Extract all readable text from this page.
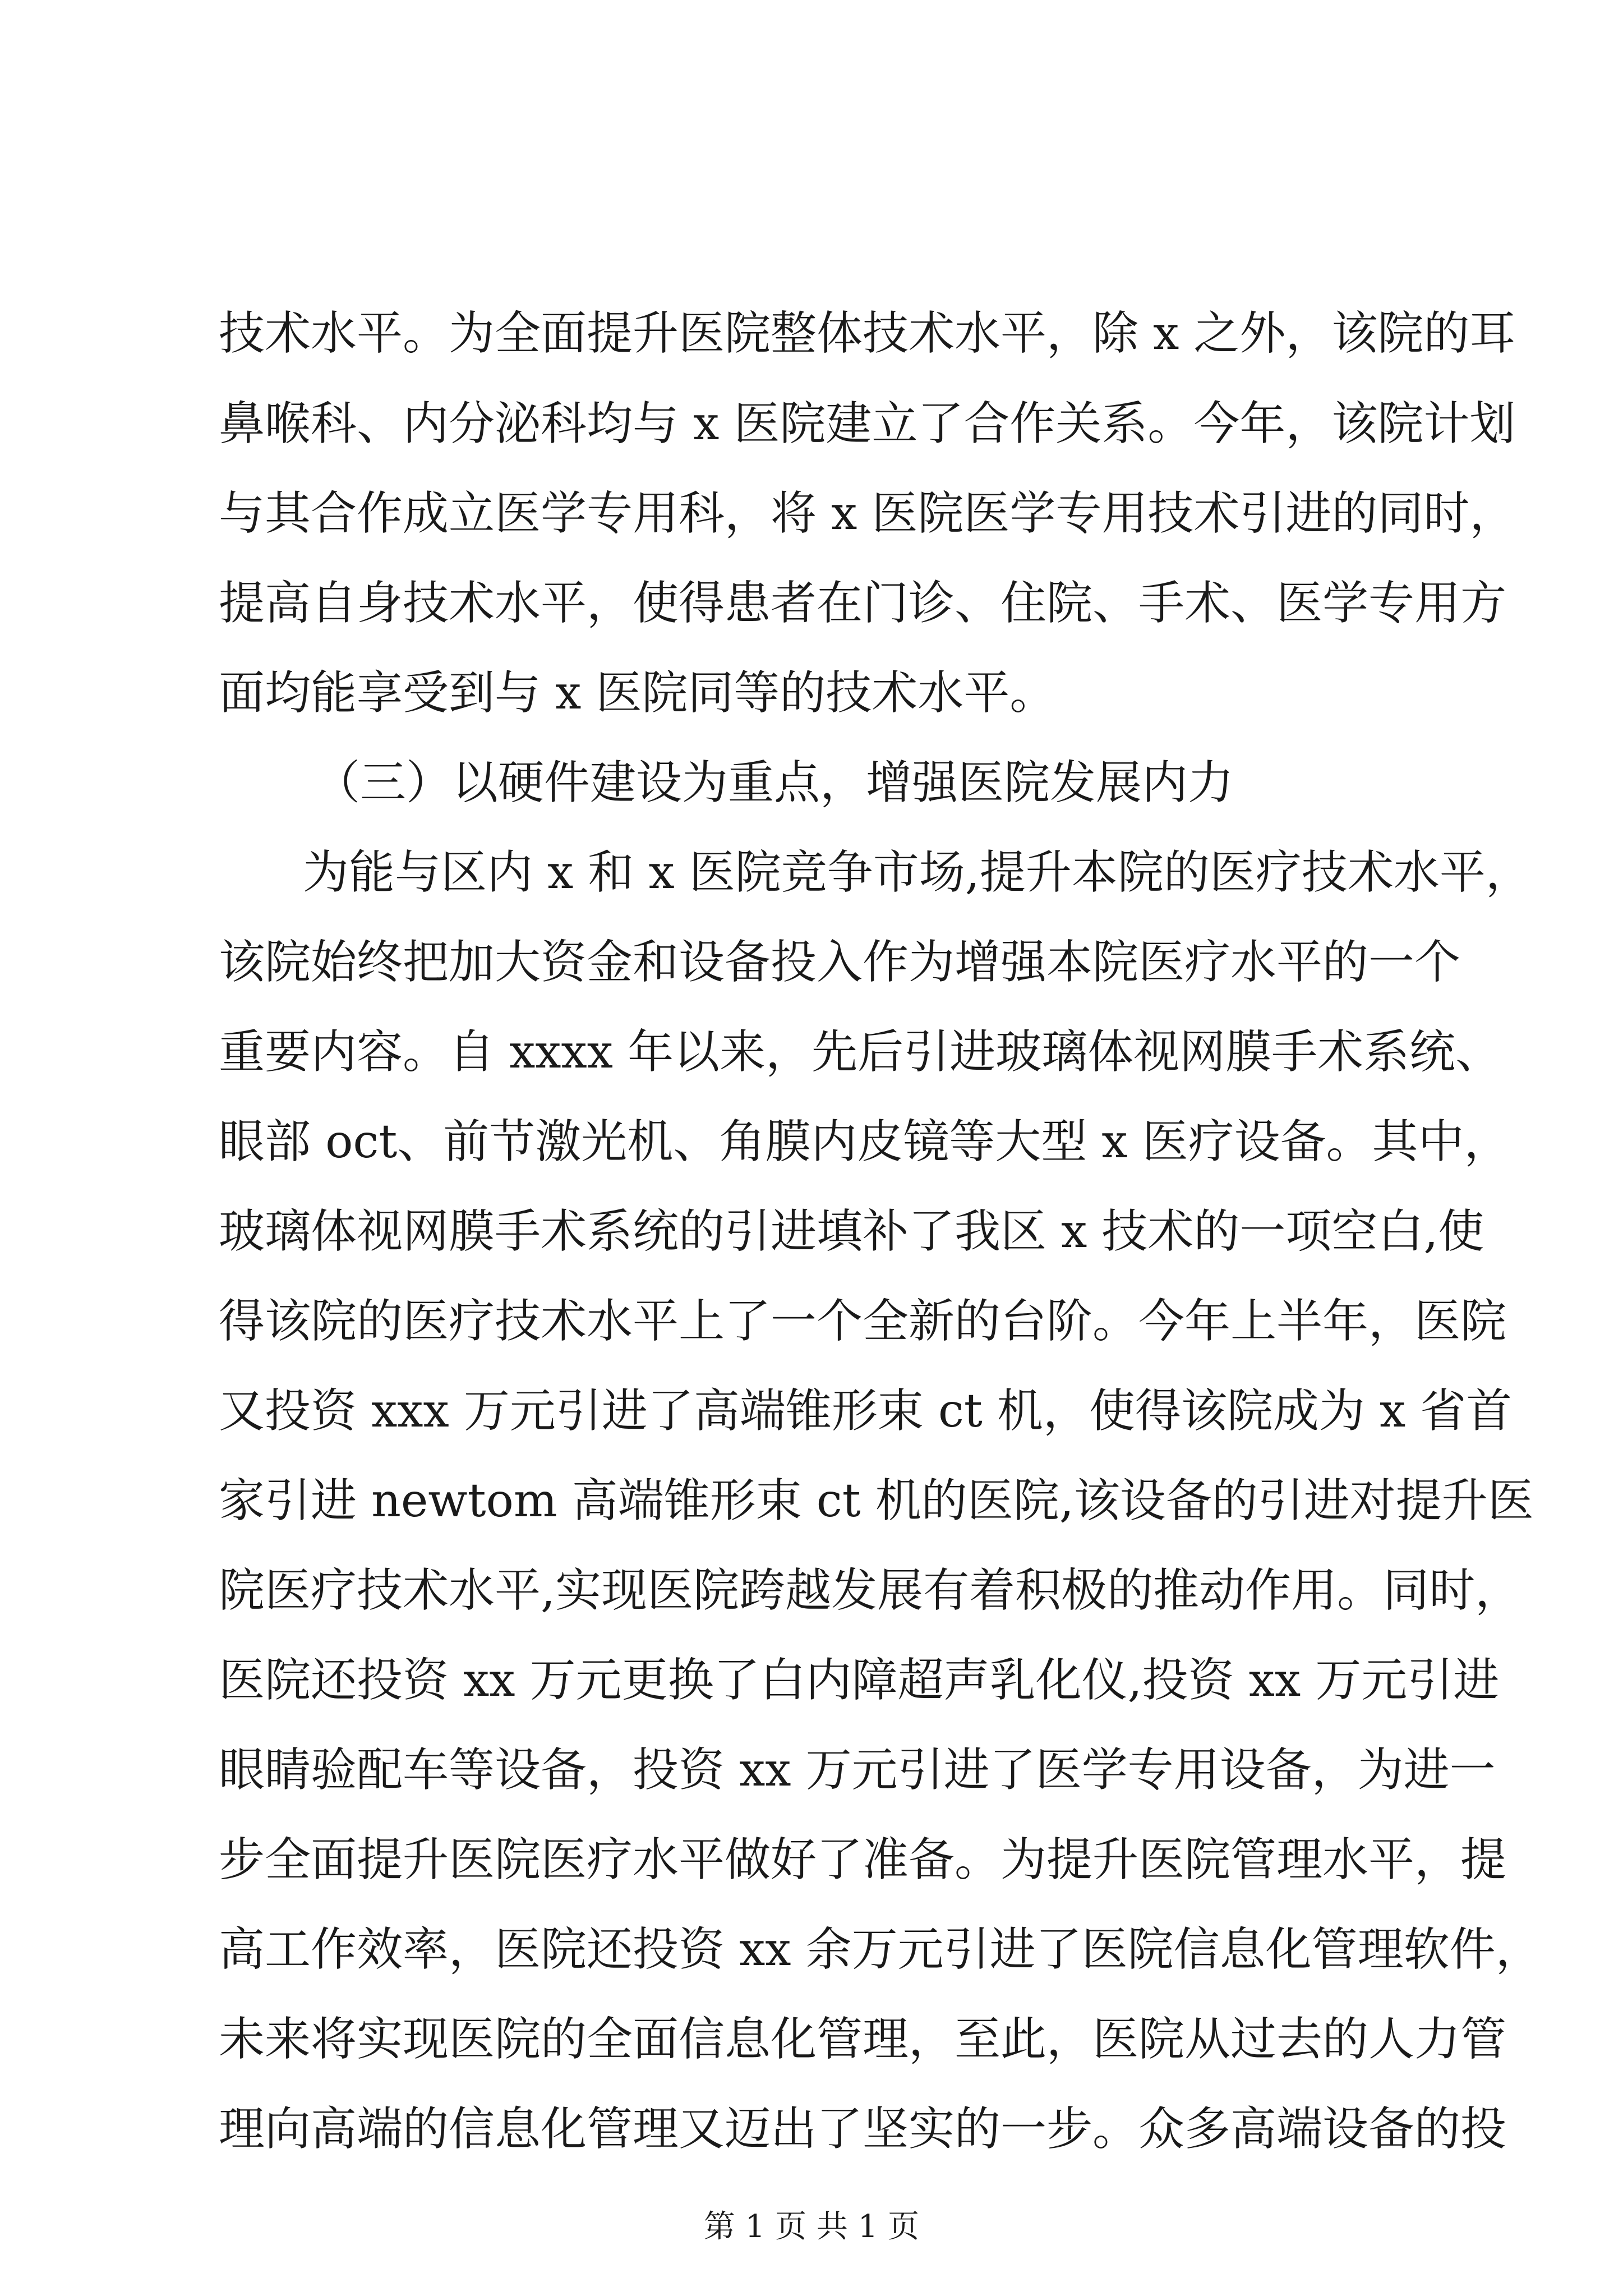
技术水平。为全面提升医院整体技术水平，除 x 之外，该院的耳
鼻喉科、内分泌科均与 x 医院建立了合作关系。今年，该院计划
与其合作成立医学专用科，将 x 医院医学专用技术引进的同时，
提高自身技术水平，使得患者在门诊、住院、手术、医学专用方
面均能享受到与 x 医院同等的技术水平。
（三）以硬件建设为重点，增强医院发展内力
为能与区内 x 和 x 医院竞争市场,提升本院的医疗技术水平，
该院始终把加大资金和设备投入作为增强本院医疗水平的一个
重要内容。自 xxxx 年以来，先后引进玻璃体视网膜手术系统、
眼部 oct、前节激光机、角膜内皮镜等大型 x 医疗设备。其中，
玻璃体视网膜手术系统的引进填补了我区 x 技术的一项空白,使
得该院的医疗技术水平上了一个全新的台阶。今年上半年，医院
又投资 xxx 万元引进了高端锥形束 ct 机，使得该院成为 x 省首
家引进 newtom 高端锥形束 ct 机的医院,该设备的引进对提升医
院医疗技术水平,实现医院跨越发展有着积极的推动作用。同时，
医院还投资 xx 万元更换了白内障超声乳化仪,投资 xx 万元引进
眼睛验配车等设备，投资 xx 万元引进了医学专用设备，为进一
步全面提升医院医疗水平做好了准备。为提升医院管理水平，提
高工作效率，医院还投资 xx 余万元引进了医院信息化管理软件，
未来将实现医院的全面信息化管理，至此，医院从过去的人力管
理向高端的信息化管理又迈出了坚实的一步。众多高端设备的投
第 1 页 共 1 页
